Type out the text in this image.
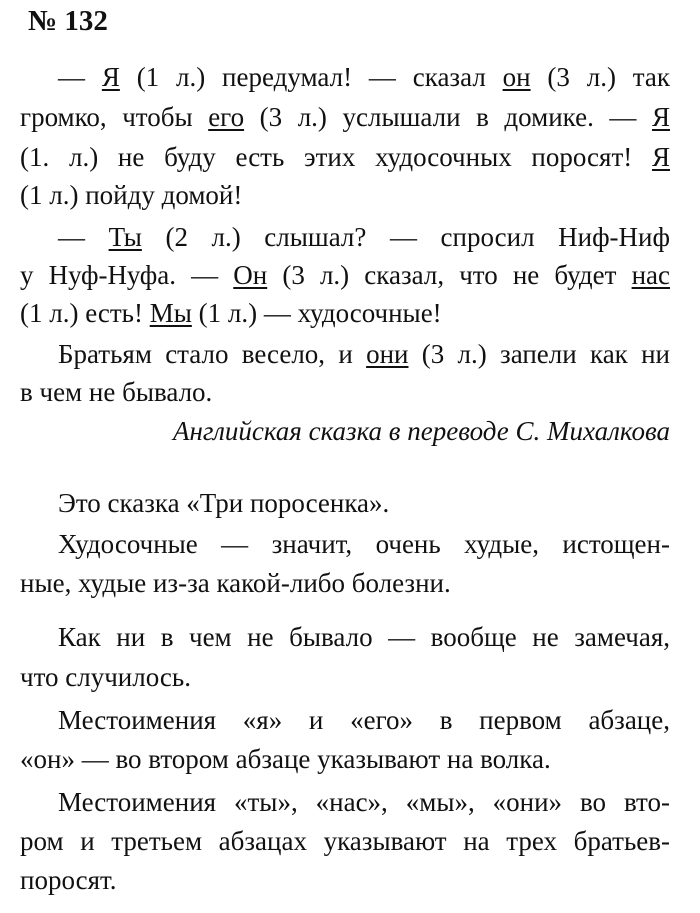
№ 132
— Я (1 л.) передумал! — сказал он (3 л.) так
громко, чтобы его (3 л.) услышали в домике. — Я
(1. л.) не буду есть этих худосочных поросят! Я
(1 л.) пойду домой!
— Ты (2 л.) слышал? — спросил Ниф-Ниф
у Нуф-Нуфа. — Он (3 л.) сказал, что не будет нас
(1 л.) есть! Мы (1 л.) — худосочные!
Братьям стало весело, и они (3 л.) запели как ни
в чем не бывало.
Английская сказка в переводе С. Михалкова
Это сказка «Три поросенка».
Худосочные — значит, очень худые, истощен-
ные, худые из-за какой-либо болезни.
Как ни в чем не бывало — вообще не замечая,
что случилось.
Местоимения «я» и «его» в первом абзаце,
«он» — во втором абзаце указывают на волка.
Местоимения «ты», «нас», «мы», «они» во вто-
ром и третьем абзацах указывают на трех братьев-
поросят.
